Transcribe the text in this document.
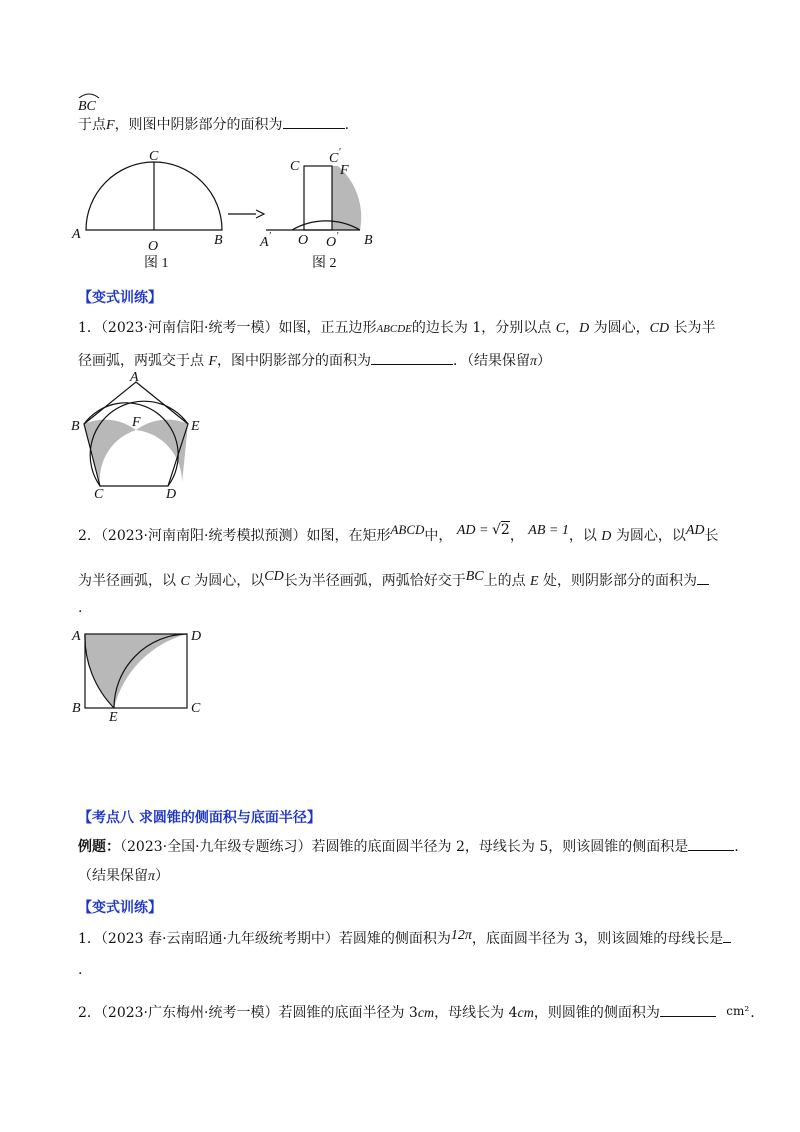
BC
于点F，则图中阴影部分的面积为	.
A
O	B
C
图 1
A′ O O′ B
C
C′
F
图 2
【变式训练】
1．（2023·河南信阳·统考一模）如图，正五边形ABCDE的边长为 1，分别以点 C，D 为圆心，CD 长为半
径画弧，两弧交于点 F，图中阴影部分的面积为	．（结果保留π）
A
B	E
F
C	D
2．（2023·河南南阳·统考模拟预测）如图，在矩形ABCD中， AD = √2， AB = 1，以 D 为圆心，以AD长
为半径画弧，以 C 为圆心，以CD长为半径画弧，两弧恰好交于BC上的点 E 处，则阴影部分的面积为
.
A	D
B	C
E
【考点八 求圆锥的侧面积与底面半径】
例题：（2023·全国·九年级专题练习）若圆锥的底面圆半径为 2，母线长为 5，则该圆锥的侧面积是	.
（结果保留π）
【变式训练】
1．（2023 春·云南昭通·九年级统考期中）若圆雉的侧面积为12π，底面圆半径为 3，则该圆雉的母线长是
.
2．（2023·广东梅州·统考一模）若圆锥的底面半径为 3cm，母线长为 4cm，则圆锥的侧面积为	cm² .
